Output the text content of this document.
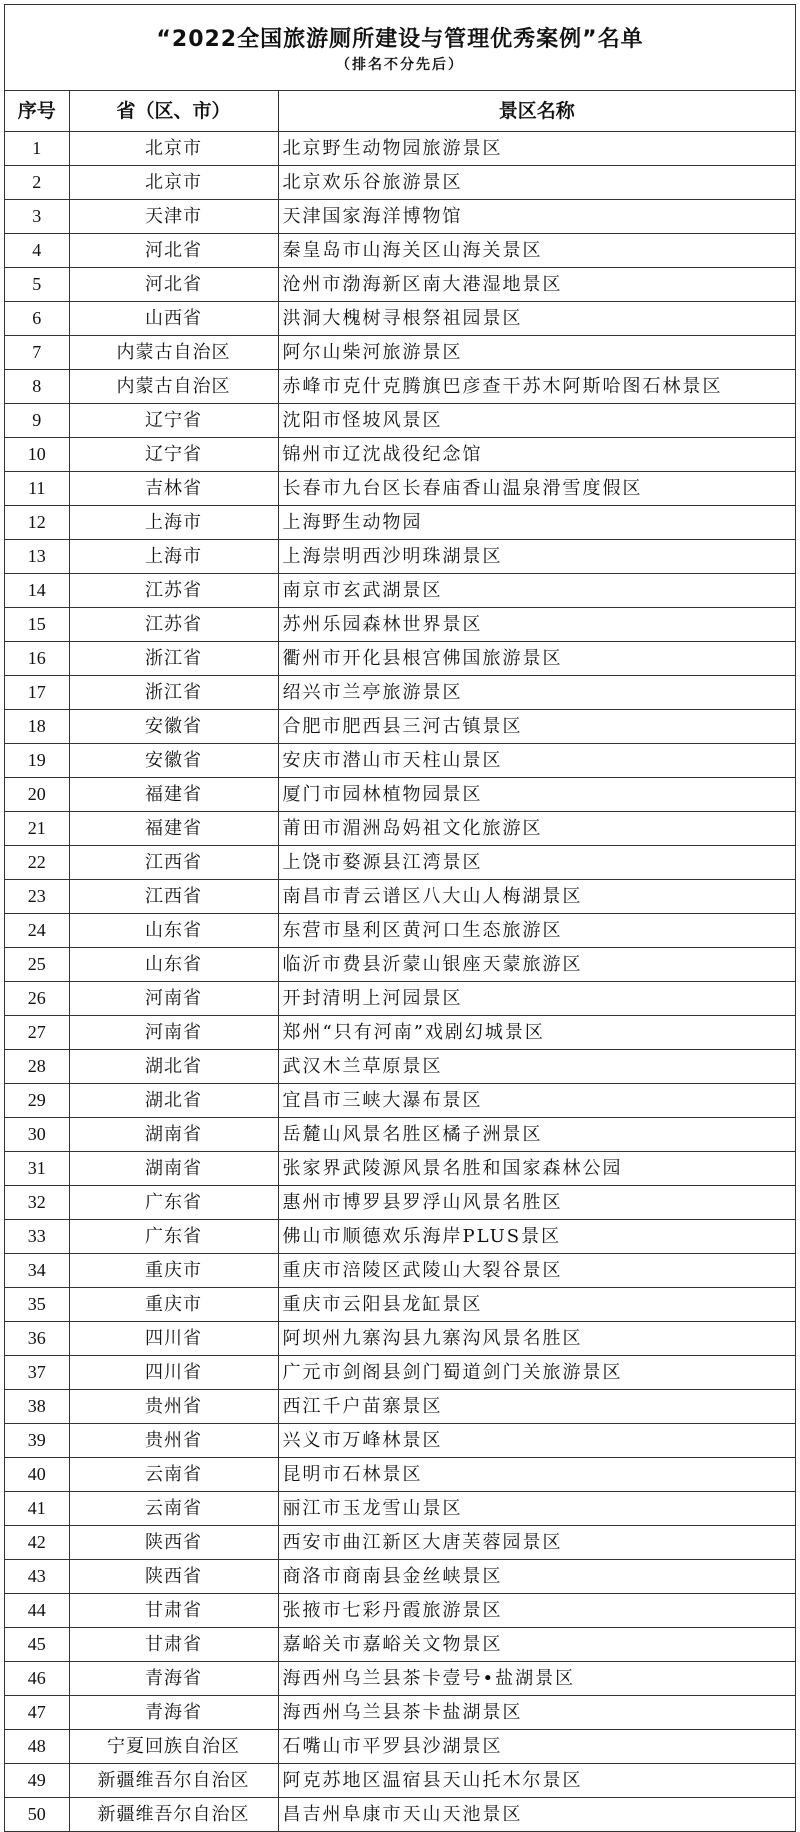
“2022全国旅游厕所建设与管理优秀案例”名单
（排名不分先后）
序号	省（区、市）	景区名称
1	北京市	北京野生动物园旅游景区
2	北京市	北京欢乐谷旅游景区
3	天津市	天津国家海洋博物馆
4	河北省	秦皇岛市山海关区山海关景区
5	河北省	沧州市渤海新区南大港湿地景区
6	山西省	洪洞大槐树寻根祭祖园景区
7	内蒙古自治区	阿尔山柴河旅游景区
8	内蒙古自治区	赤峰市克什克腾旗巴彦查干苏木阿斯哈图石林景区
9	辽宁省	沈阳市怪坡风景区
10	辽宁省	锦州市辽沈战役纪念馆
11	吉林省	长春市九台区长春庙香山温泉滑雪度假区
12	上海市	上海野生动物园
13	上海市	上海崇明西沙明珠湖景区
14	江苏省	南京市玄武湖景区
15	江苏省	苏州乐园森林世界景区
16	浙江省	衢州市开化县根宫佛国旅游景区
17	浙江省	绍兴市兰亭旅游景区
18	安徽省	合肥市肥西县三河古镇景区
19	安徽省	安庆市潜山市天柱山景区
20	福建省	厦门市园林植物园景区
21	福建省	莆田市湄洲岛妈祖文化旅游区
22	江西省	上饶市婺源县江湾景区
23	江西省	南昌市青云谱区八大山人梅湖景区
24	山东省	东营市垦利区黄河口生态旅游区
25	山东省	临沂市费县沂蒙山银座天蒙旅游区
26	河南省	开封清明上河园景区
27	河南省	郑州“只有河南”戏剧幻城景区
28	湖北省	武汉木兰草原景区
29	湖北省	宜昌市三峡大瀑布景区
30	湖南省	岳麓山风景名胜区橘子洲景区
31	湖南省	张家界武陵源风景名胜和国家森林公园
32	广东省	惠州市博罗县罗浮山风景名胜区
33	广东省	佛山市顺德欢乐海岸PLUS景区
34	重庆市	重庆市涪陵区武陵山大裂谷景区
35	重庆市	重庆市云阳县龙缸景区
36	四川省	阿坝州九寨沟县九寨沟风景名胜区
37	四川省	广元市剑阁县剑门蜀道剑门关旅游景区
38	贵州省	西江千户苗寨景区
39	贵州省	兴义市万峰林景区
40	云南省	昆明市石林景区
41	云南省	丽江市玉龙雪山景区
42	陕西省	西安市曲江新区大唐芙蓉园景区
43	陕西省	商洛市商南县金丝峡景区
44	甘肃省	张掖市七彩丹霞旅游景区
45	甘肃省	嘉峪关市嘉峪关文物景区
46	青海省	海西州乌兰县茶卡壹号•盐湖景区
47	青海省	海西州乌兰县茶卡盐湖景区
48	宁夏回族自治区	石嘴山市平罗县沙湖景区
49	新疆维吾尔自治区	阿克苏地区温宿县天山托木尔景区
50	新疆维吾尔自治区	昌吉州阜康市天山天池景区
